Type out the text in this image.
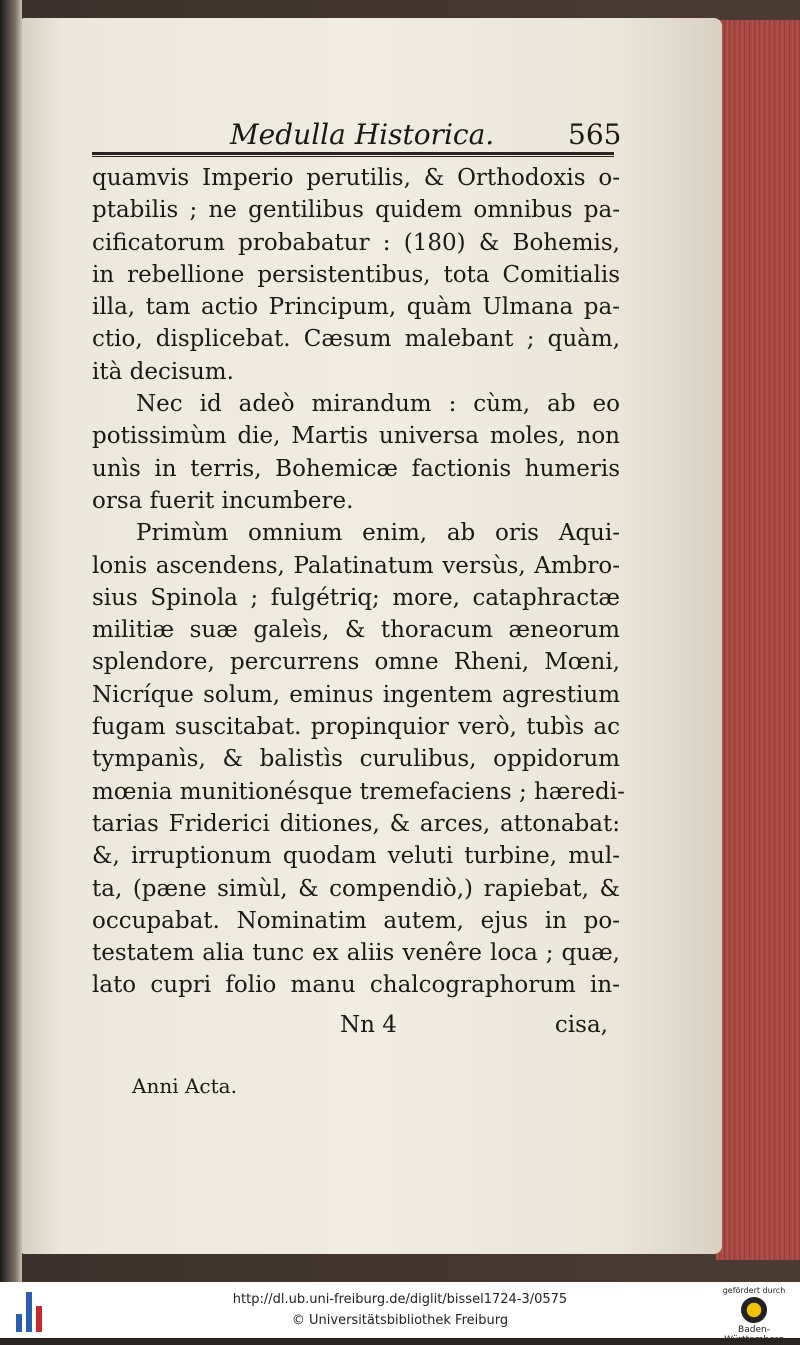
Medulla Historica.	565
quamvis Imperio perutilis, & Orthodoxis o-
ptabilis ; ne gentilibus quidem omnibus pa-
cificatorum probabatur : (180) & Bohemis,
in rebellione persistentibus, tota Comitialis
illa, tam actio Principum, quàm Ulmana pa-
ctio, displicebat. Cæsum malebant ; quàm,
ità decisum.
Nec id adeò mirandum : cùm, ab eo
potissimùm die, Martis universa moles, non
unìs in terris, Bohemicæ factionis humeris
orsa fuerit incumbere.
Primùm omnium enim, ab oris Aqui-
lonis ascendens, Palatinatum versùs, Ambro-
sius Spinola ; fulgétriq; more, cataphractæ
militiæ suæ galeìs, & thoracum æneorum
splendore, percurrens omne Rheni, Mœni,
Nicríque solum, eminus ingentem agrestium
fugam suscitabat. propinquior verò, tubìs ac
tympanìs, & balistìs curulibus, oppidorum
mœnia munitionésque tremefaciens ; hæredi-
tarias Friderici ditiones, & arces, attonabat:
&, irruptionum quodam veluti turbine, mul-
ta, (pæne simùl, & compendiò,) rapiebat, &
occupabat. Nominatim autem, ejus in po-
testatem alia tunc ex aliis venêre loca ; quæ,
lato cupri folio manu chalcographorum in-
Nn 4	cisa,
Anni Acta.
http://dl.ub.uni-freiburg.de/diglit/bissel1724-3/0575
© Universitätsbibliothek Freiburg
gefördert durch
Baden-Württemberg
